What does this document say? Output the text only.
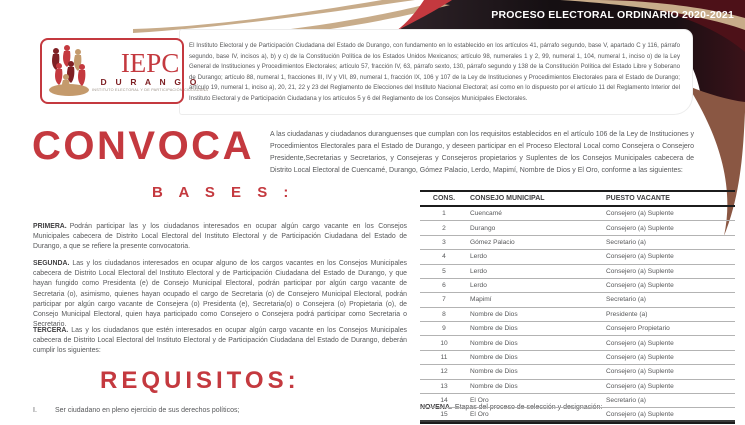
PROCESO ELECTORAL ORDINARIO 2020-2021

El Instituto Electoral y de Participación Ciudadana del Estado de Durango, con fundamento en lo establecido en los artículos 41, párrafo segundo, base V, apartado C y 116, párrafo segundo, base IV, incisos a), b) y c) de la Constitución Política de los Estados Unidos Mexicanos; artículo 98, numerales 1 y 2, 99, numeral 1, 104, numeral 1, inciso o) de la Ley General de Instituciones y Procedimientos Electorales; artículo 57, fracción IV, 63, párrafo sexto, 130, párrafo segundo y 138 de la Constitución Política del Estado Libre y Soberano de Durango; artículo 88, numeral 1, fracciones III, IV y VII, 89, numeral 1, fracción IX, 106 y 107 de la Ley de Instituciones y Procedimientos Electorales para el Estado de Durango; artículo 19, numeral 1, inciso a), 20, 21, 22 y 23 del Reglamento de Elecciones del Instituto Nacional Electoral; así como en lo dispuesto por el artículo 11 del Reglamento Interior del Instituto Electoral y de Participación Ciudadana y los artículos 5 y 6 del Reglamento de los Consejos Municipales Electorales.

IEPC
D U R A N G O
INSTITUTO ELECTORAL Y DE PARTICIPACIÓN CIUDADANA
CONVOCA A las ciudadanas y ciudadanos duranguenses que cumplan con los requisitos establecidos en el artículo 106 de la Ley de Instituciones y Procedimientos Electorales para el Estado de Durango, y deseen participar en el Proceso Electoral Local como Consejera o Consejero Presidente,Secretarias y Secretarios, y Consejeras y Consejeros propietarios y Suplentes de los Consejos Municipales cabecera de Distrito Local Electoral de Cuencamé, Durango, Gómez Palacio, Lerdo, Mapimí, Nombre de Dios y El Oro, conforme a las siguientes:

B A S E S :

PRIMERA. Podrán participar las y los ciudadanos interesados en ocupar algún cargo vacante en los Consejos Municipales cabecera de Distrito Local Electoral del Instituto Electoral y de Participación Ciudadana del Estado de Durango, a que se refiere la presente convocatoria.

SEGUNDA. Las y los ciudadanos interesados en ocupar alguno de los cargos vacantes en los Consejos Municipales cabecera de Distrito Local Electoral del Instituto Electoral y de Participación Ciudadana del Estado de Durango, y que hayan fungido como Presidenta (e) de Consejo Municipal Electoral, podrán participar por algún cargo vacante de Secretaria (o), asimismo, quienes hayan ocupado el cargo de Secretaria (o) de Consejero Municipal Electoral, podrán participar por algún cargo vacante de Consejera (o) Presidenta (e), Secretaria(o) o Consejera (o) Propietaria (o), de Consejo Municipal Electoral, quien haya participado como Consejero o Consejera podrá participar como Secretaria o Secretario.

TERCERA. Las y los ciudadanos que estén interesados en ocupar algún cargo vacante en los Consejos Municipales cabecera de Distrito Local Electoral del Instituto Electoral y de Participación Ciudadana del Estado de Durango, deberán cumplir los siguientes:

REQUISITOS:
I.	Ser ciudadano en pleno ejercicio de sus derechos políticos;
CONS.	CONSEJO MUNICIPAL	PUESTO VACANTE
1	Cuencamé	Consejero (a) Suplente
2	Durango	Consejero (a) Suplente
3	Gómez Palacio	Secretario (a)
4	Lerdo	Consejero (a) Suplente
5	Lerdo	Consejero (a) Suplente
6	Lerdo	Consejero (a) Suplente
7	Mapimí	Secretario (a)
8	Nombre de Dios	Presidente (a)
9	Nombre de Dios	Consejero Propietario
10	Nombre de Dios	Consejero (a) Suplente
11	Nombre de Dios	Consejero (a) Suplente
12	Nombre de Dios	Consejero (a) Suplente
13	Nombre de Dios	Consejero (a) Suplente
14	El Oro	Secretario (a)
15	El Oro	Consejero (a) Suplente

NOVENA. Etapas del proceso de selección y designación:
